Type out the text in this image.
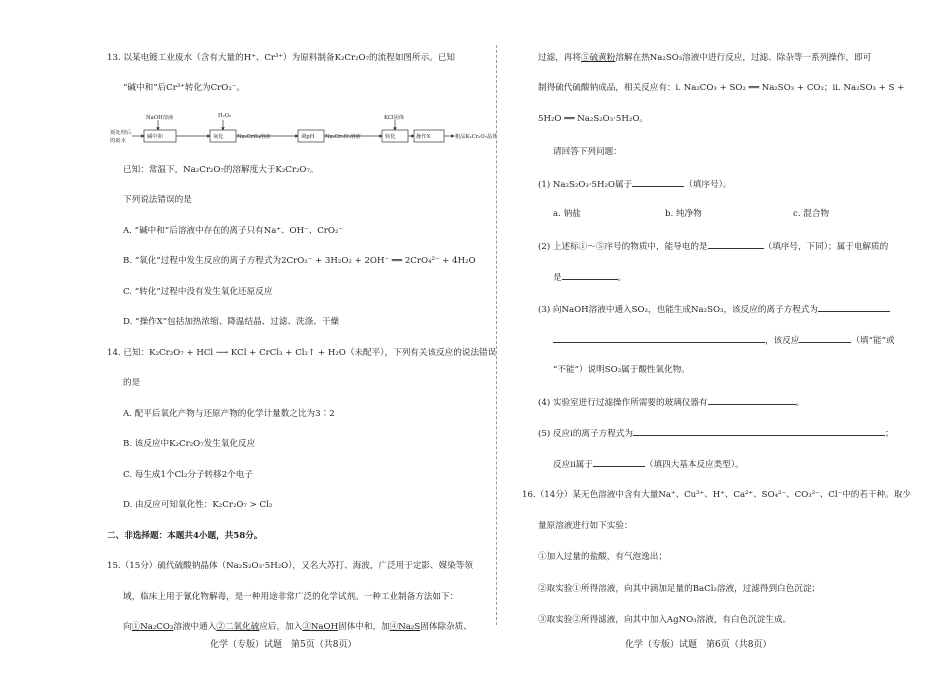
13. 以某电镀工业废水（含有大量的H⁺、Cr³⁺）为原料制备K₂Cr₂O₇的流程如图所示。已知
“碱中和”后Cr³⁺转化为CrO₂⁻。
预处理后
的废水
NaOH溶液	H₂O₂	KCl固体
碱中和	氧化	调pH	转化	操作X
Na₂CrO₄溶液	Na₂Cr₂O₇溶液	粗品K₂Cr₂O₇晶体
已知：常温下，Na₂Cr₂O₇的溶解度大于K₂Cr₂O₇。
下列说法错误的是
A. “碱中和”后溶液中存在的离子只有Na⁺、OH⁻、CrO₂⁻
B. “氧化”过程中发生反应的离子方程式为2CrO₂⁻ + 3H₂O₂ + 2OH⁻ ══ 2CrO₄²⁻ + 4H₂O
C. “转化”过程中没有发生氧化还原反应
D. “操作X”包括加热浓缩、降温结晶、过滤、洗涤、干燥
14. 已知：K₂Cr₂O₇ + HCl ⟶ KCl + CrCl₃ + Cl₂↑ + H₂O（未配平），下列有关该反应的说法错误
的是
A. 配平后氧化产物与还原产物的化学计量数之比为3∶2
B. 该反应中K₂Cr₂O₇发生氧化反应
C. 每生成1个Cl₂分子转移2个电子
D. 由反应可知氧化性：K₂Cr₂O₇ > Cl₂
二、非选择题：本题共4小题，共58分。
15.（15分）硫代硫酸钠晶体（Na₂S₂O₃·5H₂O），又名大苏打、海波，广泛用于定影、媒染等领
域，临床上用于氰化物解毒，是一种用途非常广泛的化学试剂。一种工业制备方法如下：
向①Na₂CO₃溶液中通入②二氧化硫应后，加入③NaOH固体中和，加④Na₂S固体除杂质、
化学（专版）试题　第5页（共8页）
过滤，再将⑤硫黄粉溶解在热Na₂SO₃溶液中进行反应，过滤、除杂等一系列操作，即可
制得硫代硫酸钠成品，相关反应有：ⅰ. Na₂CO₃ + SO₂ ══ Na₂SO₃ + CO₂；ⅱ. Na₂SO₃ + S +
5H₂O ══ Na₂S₂O₃·5H₂O。
请回答下列问题：
(1) Na₂S₂O₃·5H₂O属于	（填序号）。
a. 钠盐	b. 纯净物	c. 混合物
(2) 上述标①～⑤序号的物质中，能导电的是	（填序号，下同）；属于电解质的
是	。
(3) 向NaOH溶液中通入SO₂，也能生成Na₂SO₃，该反应的离子方程式为
，该反应	（填“能”或
“不能”）说明SO₂属于酸性氧化物。
(4) 实验室进行过滤操作所需要的玻璃仪器有	。
(5) 反应ⅰ的离子方程式为	；
反应ⅱ属于	（填四大基本反应类型）。
16.（14分）某无色溶液中含有大量Na⁺、Cu²⁺、H⁺、Ca²⁺、SO₄²⁻、CO₃²⁻、Cl⁻中的若干种。取少
量原溶液进行如下实验：
①加入过量的盐酸，有气泡逸出；
②取实验①所得溶液，向其中滴加足量的BaCl₂溶液，过滤得到白色沉淀；
③取实验②所得滤液，向其中加入AgNO₃溶液，有白色沉淀生成。
化学（专版）试题　第6页（共8页）
